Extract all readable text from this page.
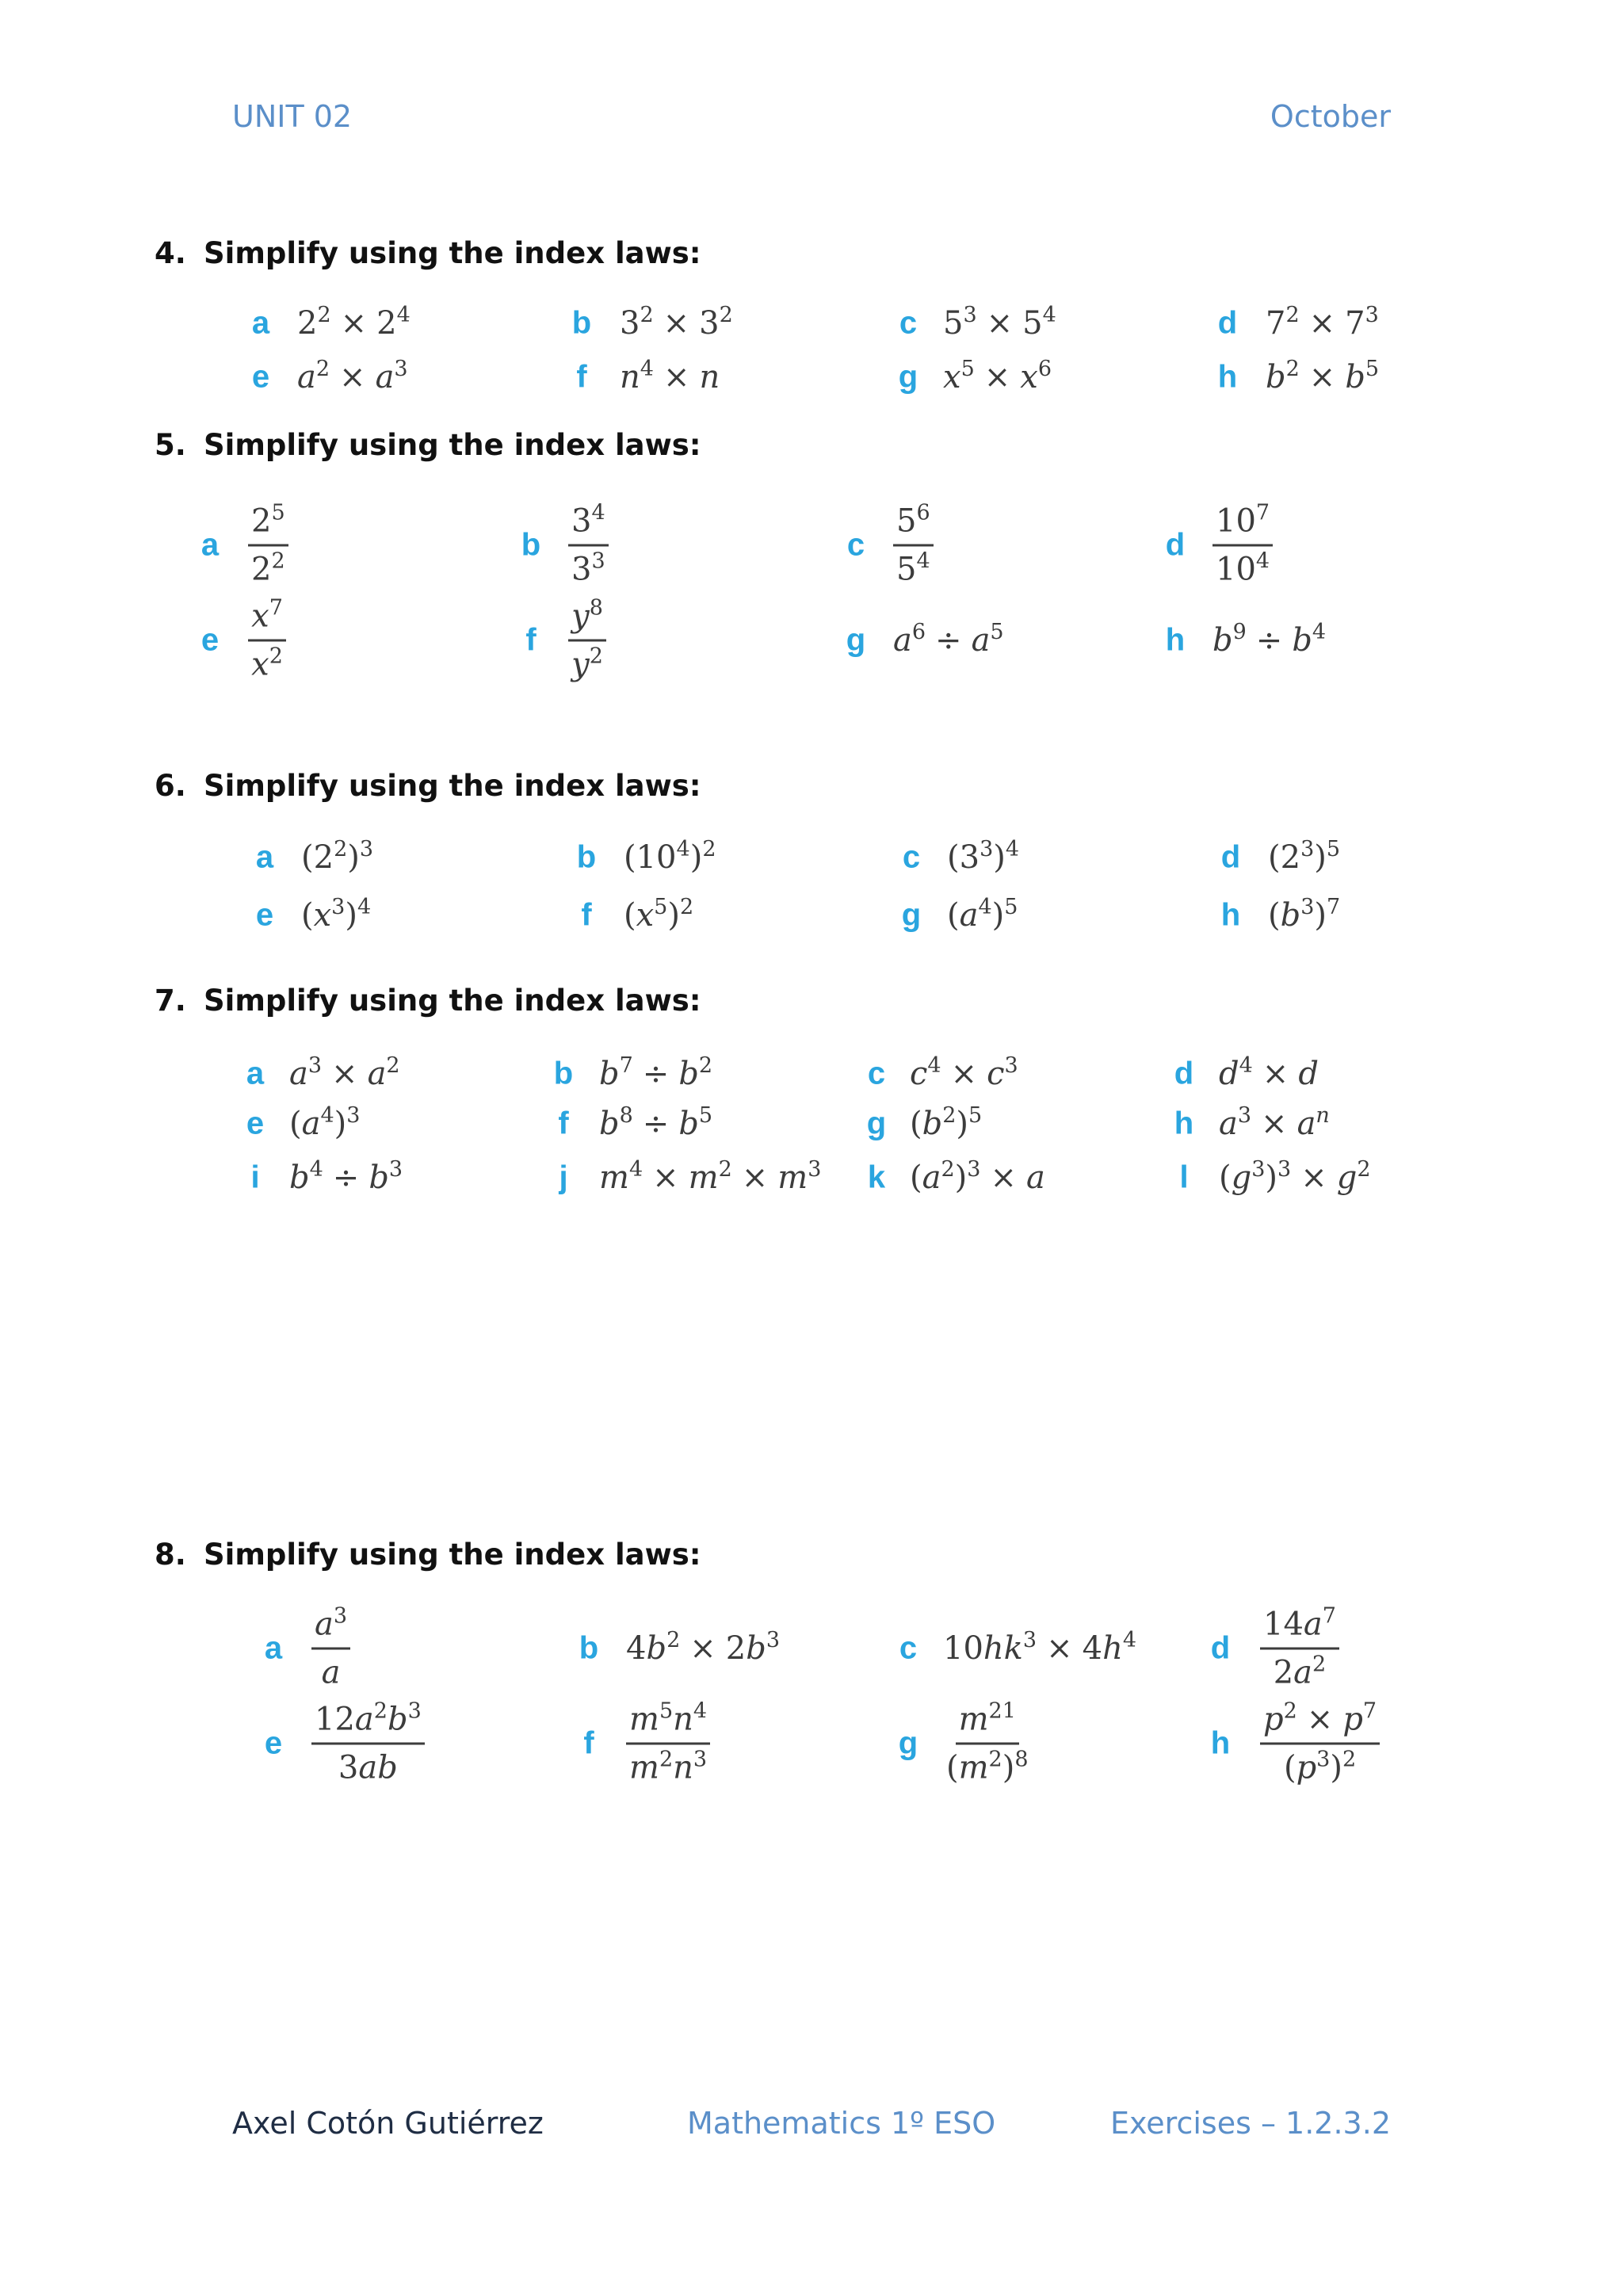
UNIT 02	October
4. Simplify using the index laws:
5. Simplify using the index laws:
6. Simplify using the index laws:
7. Simplify using the index laws:
8. Simplify using the index laws:
a $2^2 \times 2^4$	b $3^2 \times 3^2$	c $5^3 \times 5^4$	d $7^2 \times 7^3$
e $a^2 \times a^3$	f $n^4 \times n$	g $x^5 \times x^6$	h $b^2 \times b^5$
a $\frac{2^5}{2^2}$	b $\frac{3^4}{3^3}$	c $\frac{5^6}{5^4}$	d $\frac{10^7}{10^4}$
e $\frac{x^7}{x^2}$	f $\frac{y^8}{y^2}$	g $a^6 \div a^5$	h $b^9 \div b^4$
a $(2^2)^3$	b $(10^4)^2$	c $(3^3)^4$	d $(2^3)^5$
e $(x^3)^4$	f $(x^5)^2$	g $(a^4)^5$	h $(b^3)^7$
a $a^3 \times a^2$	b $b^7 \div b^2$	c $c^4 \times c^3$	d $d^4 \times d$
e $(a^4)^3$	f $b^8 \div b^5$	g $(b^2)^5$	h $a^3 \times a^n$
i $b^4 \div b^3$	j $m^4 \times m^2 \times m^3$ k $(a^2)^3 \times a$	l $(g^3)^3 \times g^2$
a $\frac{a^3}{a}$	b $4b^2 \times 2b^3$	c $10hk^3 \times 4h^4$ d $\frac{14a^7}{2a^2}$
e $\frac{12a^2b^3}{3ab}$	f $\frac{m^5n^4}{m^2n^3}$	g $\frac{m^{21}}{(m^2)^8}$	h $\frac{p^2 \times p^7}{(p^3)^2}$
Axel Cotón Gutiérrez	Mathematics 1º ESO	Exercises – 1.2.3.2
